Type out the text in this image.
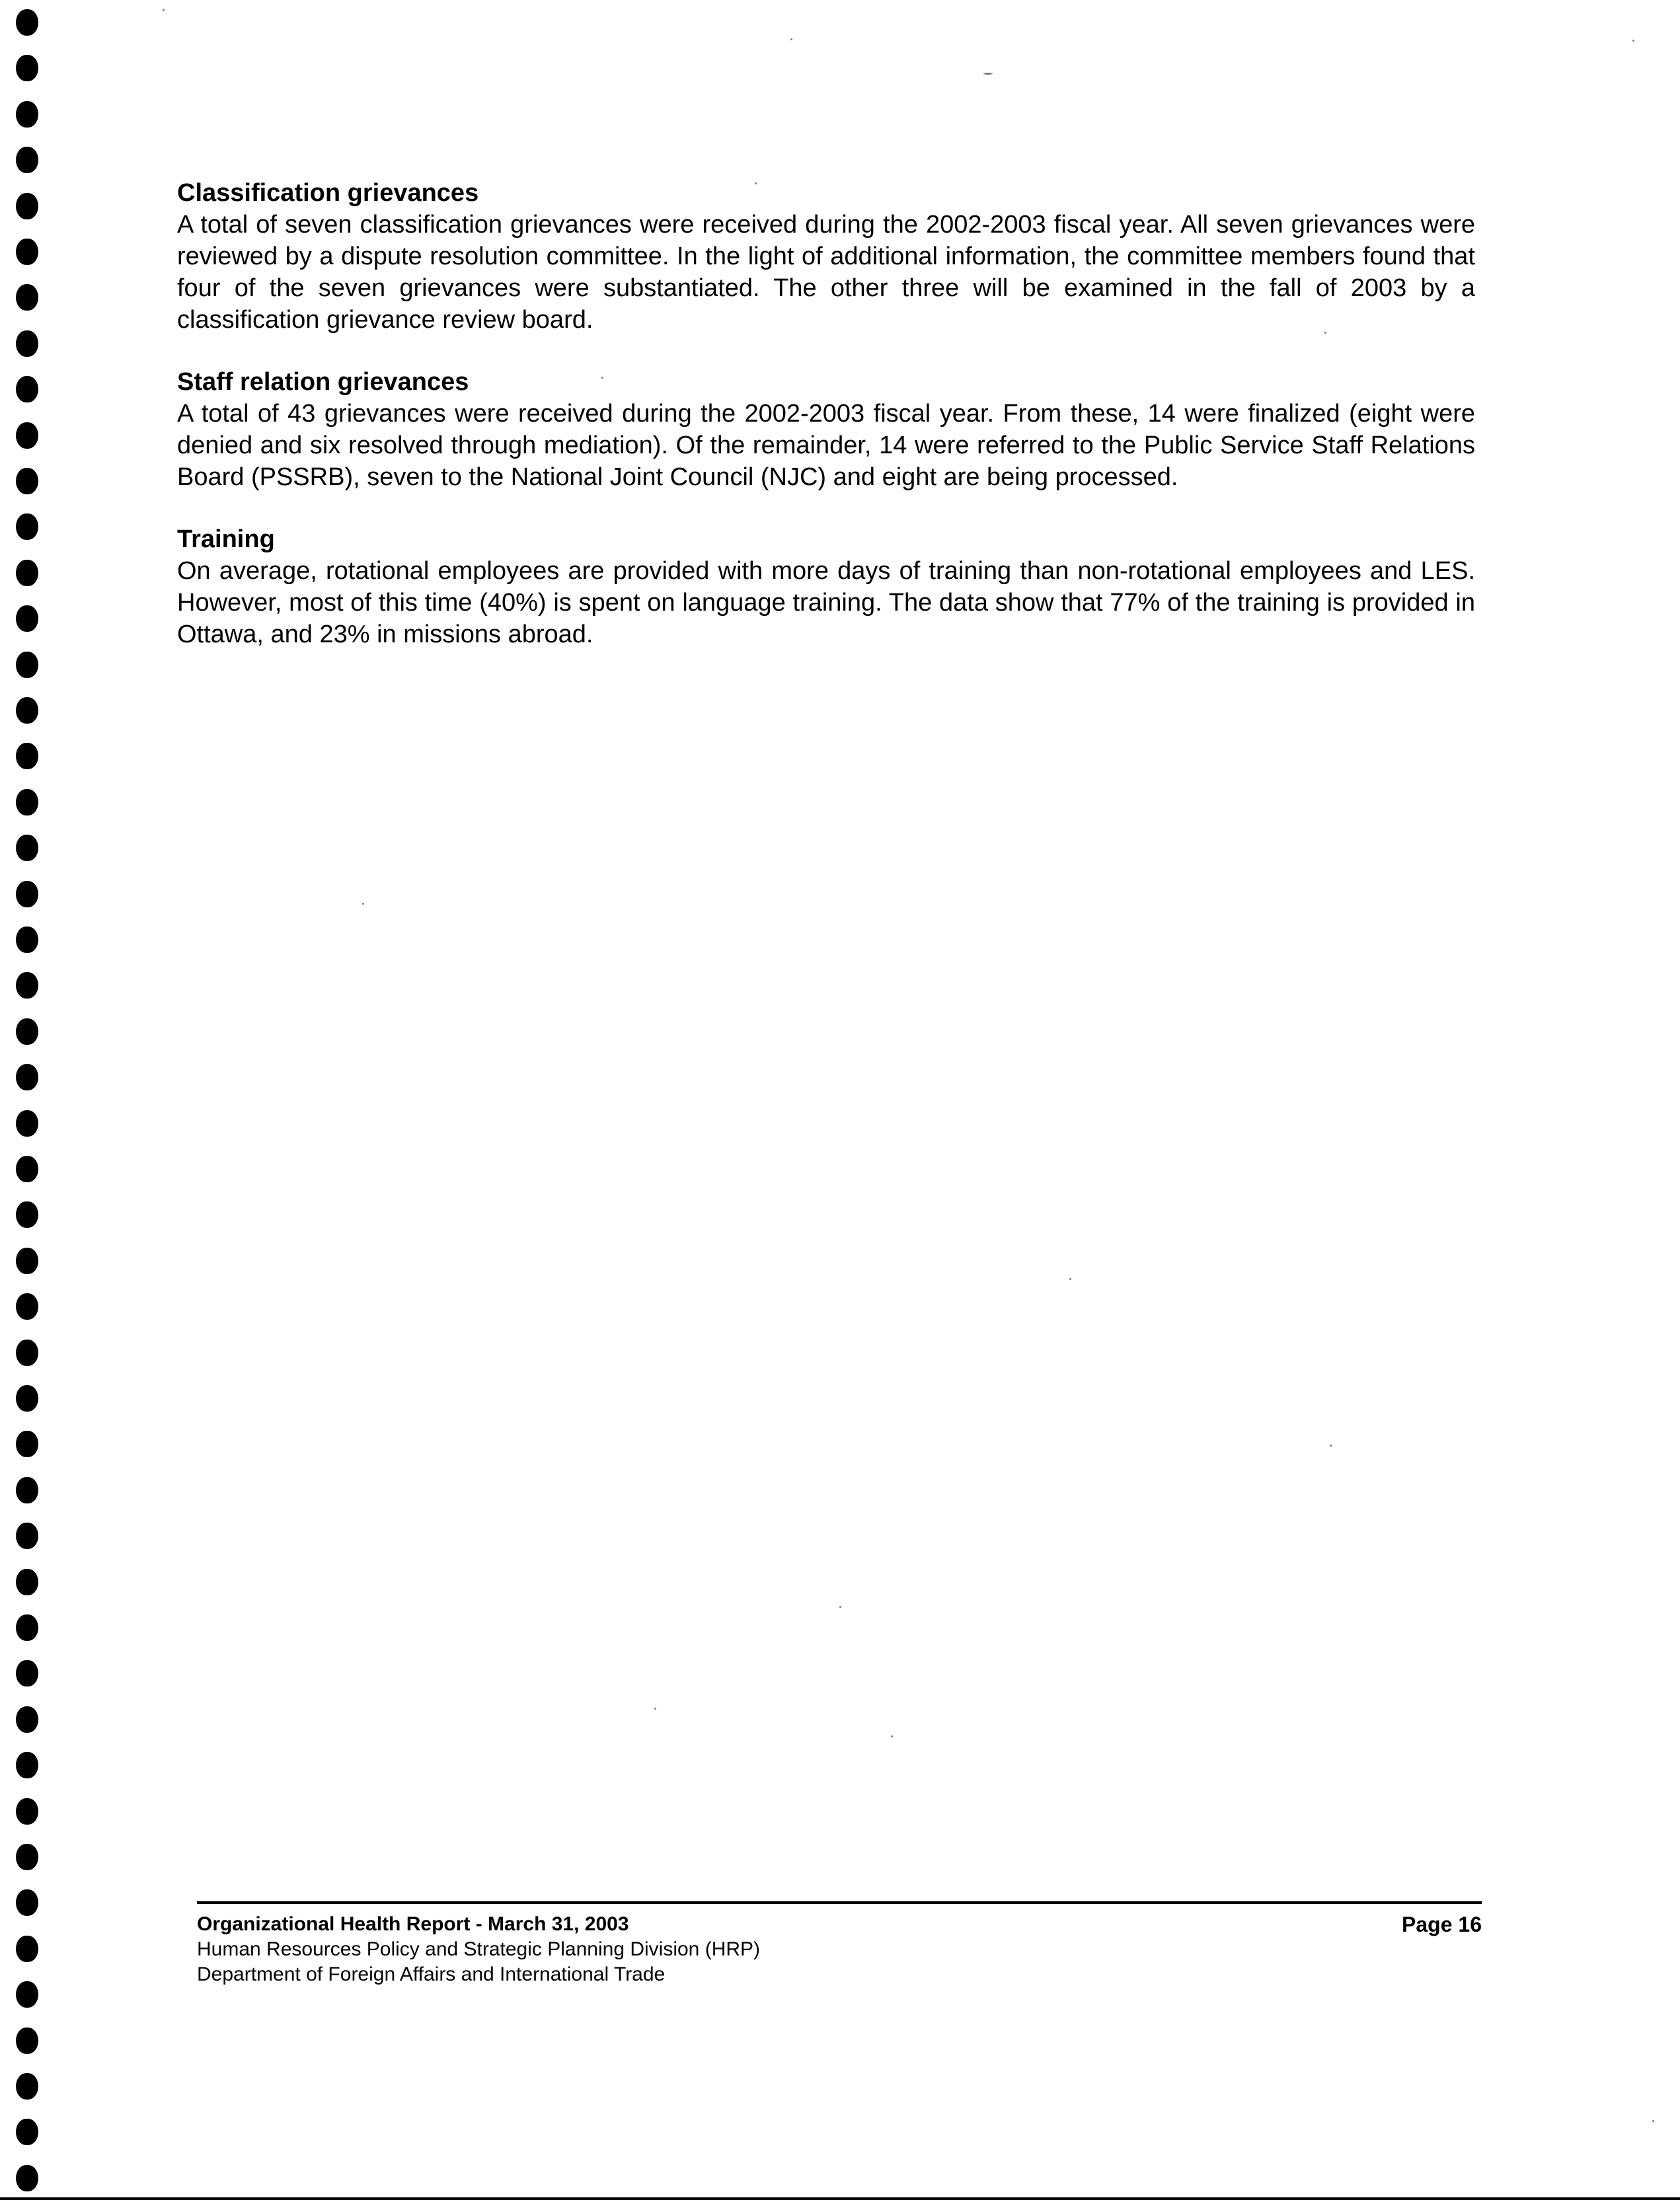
Classification grievances

A total of seven classification grievances were received during the 2002-2003 fiscal year. All seven grievances were reviewed by a dispute resolution committee. In the light of additional information, the committee members found that four of the seven grievances were substantiated. The other three will be examined in the fall of 2003 by a classification grievance review board.

Staff relation grievances

A total of 43 grievances were received during the 2002-2003 fiscal year. From these, 14 were finalized (eight were denied and six resolved through mediation). Of the remainder, 14 were referred to the Public Service Staff Relations Board (PSSRB), seven to the National Joint Council (NJC) and eight are being processed.

Training

On average, rotational employees are provided with more days of training than non-rotational employees and LES. However, most of this time (40%) is spent on language training. The data show that 77% of the training is provided in Ottawa, and 23% in missions abroad.

Organizational Health Report - March 31, 2003
Human Resources Policy and Strategic Planning Division (HRP)
Department of Foreign Affairs and International Trade
Page 16
